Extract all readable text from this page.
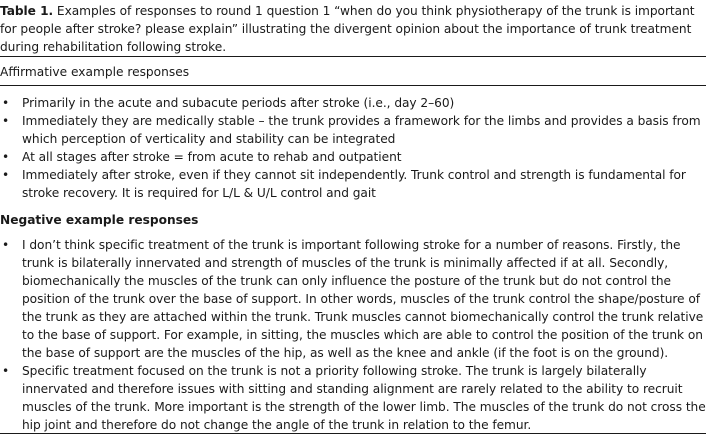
Table 1. Examples of responses to round 1 question 1 “when do you think physiotherapy of the trunk is important for people after stroke? please explain” illustrating the divergent opinion about the importance of trunk treatment during rehabilitation following stroke.
Affirmative example responses
• Primarily in the acute and subacute periods after stroke (i.e., day 2–60)
• Immediately they are medically stable – the trunk provides a framework for the limbs and provides a basis from which perception of verticality and stability can be integrated
• At all stages after stroke = from acute to rehab and outpatient
• Immediately after stroke, even if they cannot sit independently. Trunk control and strength is fundamental for stroke recovery. It is required for L/L & U/L control and gait
Negative example responses
• I don’t think specific treatment of the trunk is important following stroke for a number of reasons. Firstly, the trunk is bilaterally innervated and strength of muscles of the trunk is minimally affected if at all. Secondly, biomechanically the muscles of the trunk can only influence the posture of the trunk but do not control the position of the trunk over the base of support. In other words, muscles of the trunk control the shape/posture of the trunk as they are attached within the trunk. Trunk muscles cannot biomechanically control the trunk relative to the base of support. For example, in sitting, the muscles which are able to control the position of the trunk on the base of support are the muscles of the hip, as well as the knee and ankle (if the foot is on the ground).
• Specific treatment focused on the trunk is not a priority following stroke. The trunk is largely bilaterally innervated and therefore issues with sitting and standing alignment are rarely related to the ability to recruit muscles of the trunk. More important is the strength of the lower limb. The muscles of the trunk do not cross the hip joint and therefore do not change the angle of the trunk in relation to the femur.
